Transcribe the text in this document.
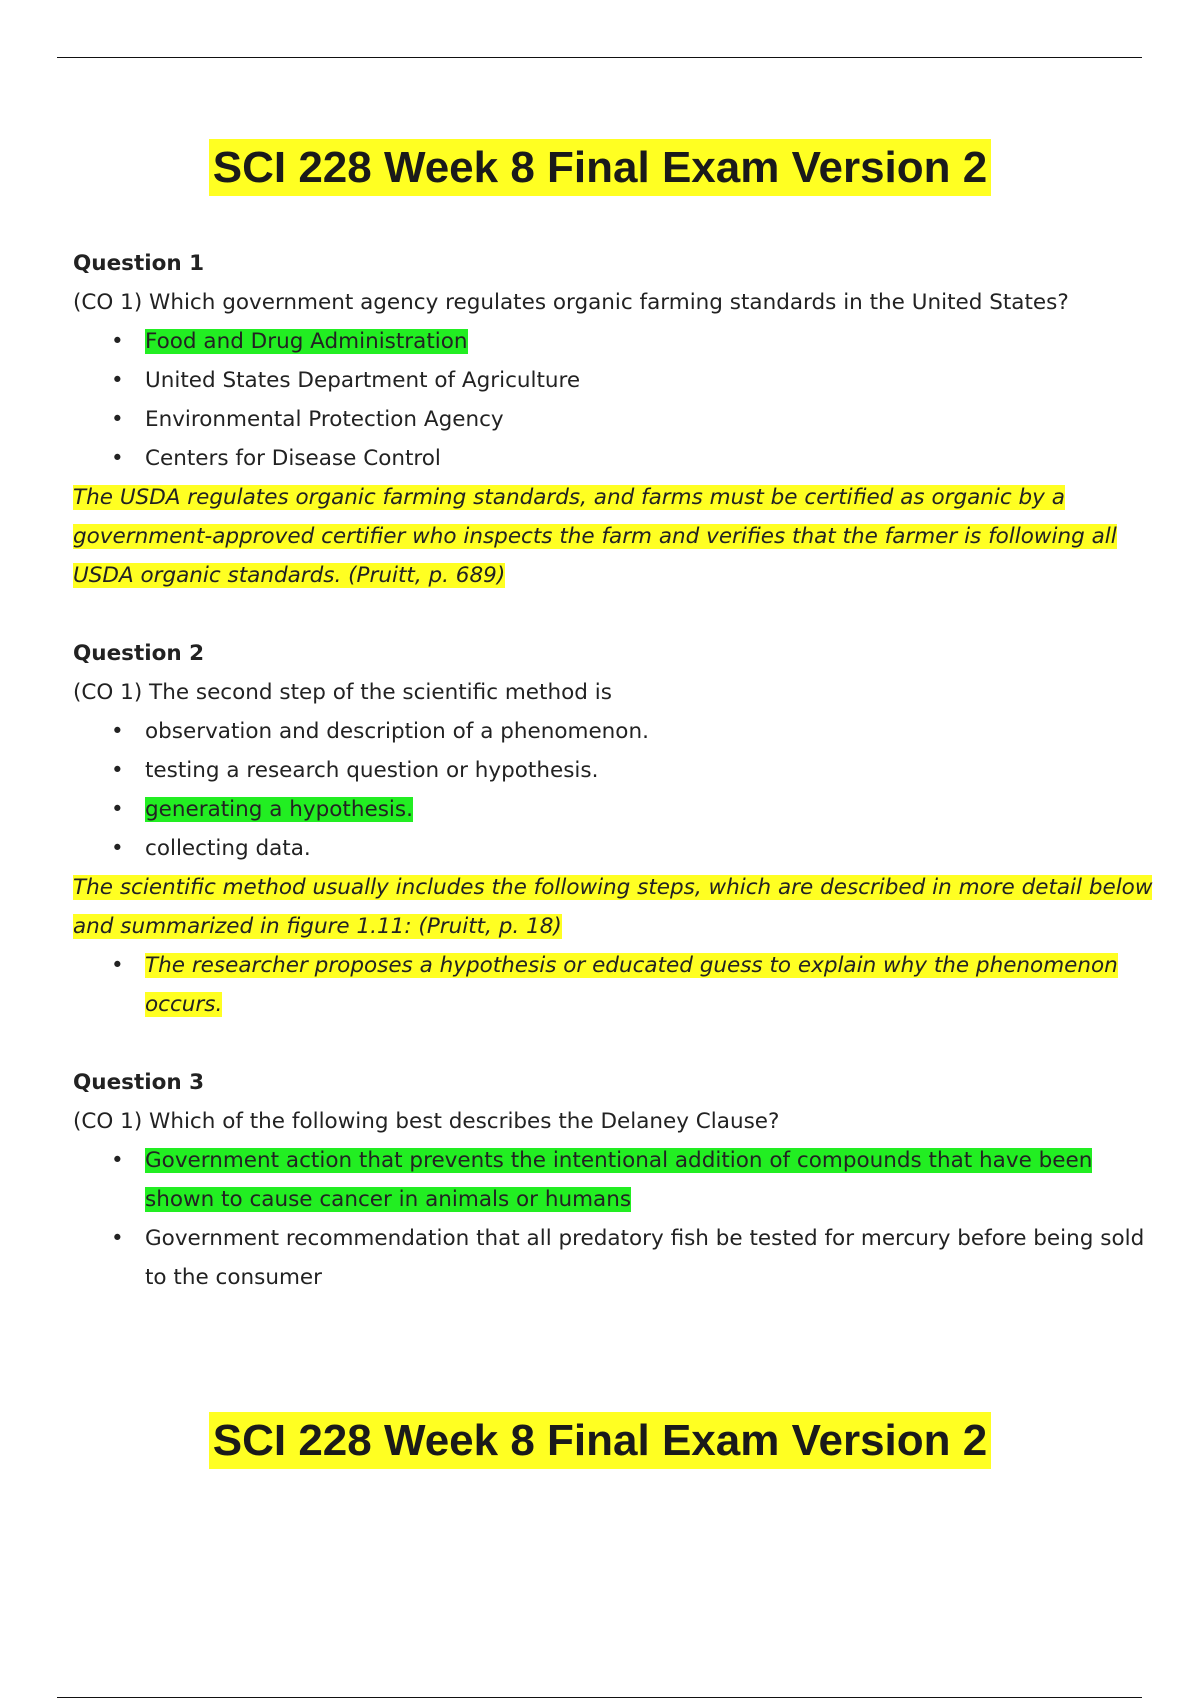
SCI 228 Week 8 Final Exam Version 2

Question 1

(CO 1) Which government agency regulates organic farming standards in the United States?

• Food and Drug Administration
• United States Department of Agriculture
• Environmental Protection Agency
• Centers for Disease Control

The USDA regulates organic farming standards, and farms must be certified as organic by a government-approved certifier who inspects the farm and verifies that the farmer is following all USDA organic standards. (Pruitt, p. 689)

Question 2

(CO 1) The second step of the scientific method is

• observation and description of a phenomenon.
• testing a research question or hypothesis.
• generating a hypothesis.
• collecting data.

The scientific method usually includes the following steps, which are described in more detail below and summarized in figure 1.11: (Pruitt, p. 18)

• The researcher proposes a hypothesis or educated guess to explain why the phenomenon occurs.

Question 3

(CO 1) Which of the following best describes the Delaney Clause?

• Government action that prevents the intentional addition of compounds that have been shown to cause cancer in animals or humans
• Government recommendation that all predatory fish be tested for mercury before being sold to the consumer
SCI 228 Week 8 Final Exam Version 2
